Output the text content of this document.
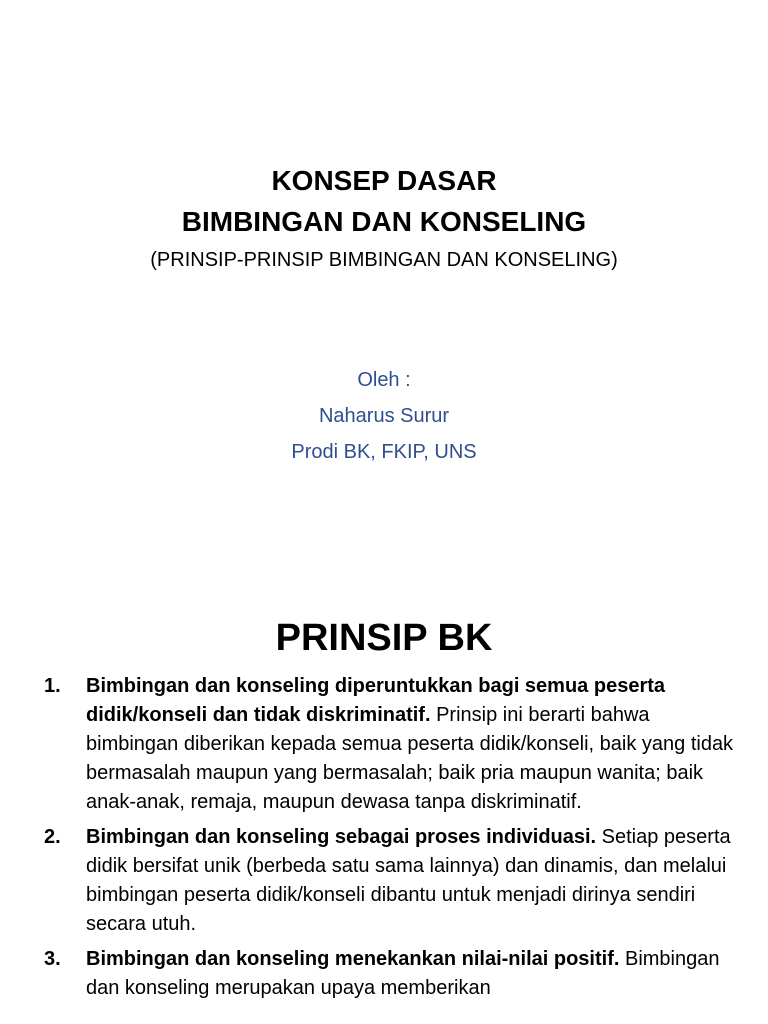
KONSEP DASAR
BIMBINGAN DAN KONSELING
(PRINSIP-PRINSIP BIMBINGAN DAN KONSELING)
Oleh :
Naharus Surur
Prodi BK, FKIP, UNS
PRINSIP BK
1.	Bimbingan dan konseling diperuntukkan bagi semua peserta didik/konseli dan tidak diskriminatif. Prinsip ini berarti bahwa bimbingan diberikan kepada semua peserta didik/konseli, baik yang tidak bermasalah maupun yang bermasalah; baik pria maupun wanita; baik anak-anak, remaja, maupun dewasa tanpa diskriminatif.
2.	Bimbingan dan konseling sebagai proses individuasi. Setiap peserta didik bersifat unik (berbeda satu sama lainnya) dan dinamis, dan melalui bimbingan peserta didik/konseli dibantu untuk menjadi dirinya sendiri secara utuh.
3.	Bimbingan dan konseling menekankan nilai-nilai positif. Bimbingan dan konseling merupakan upaya memberikan
